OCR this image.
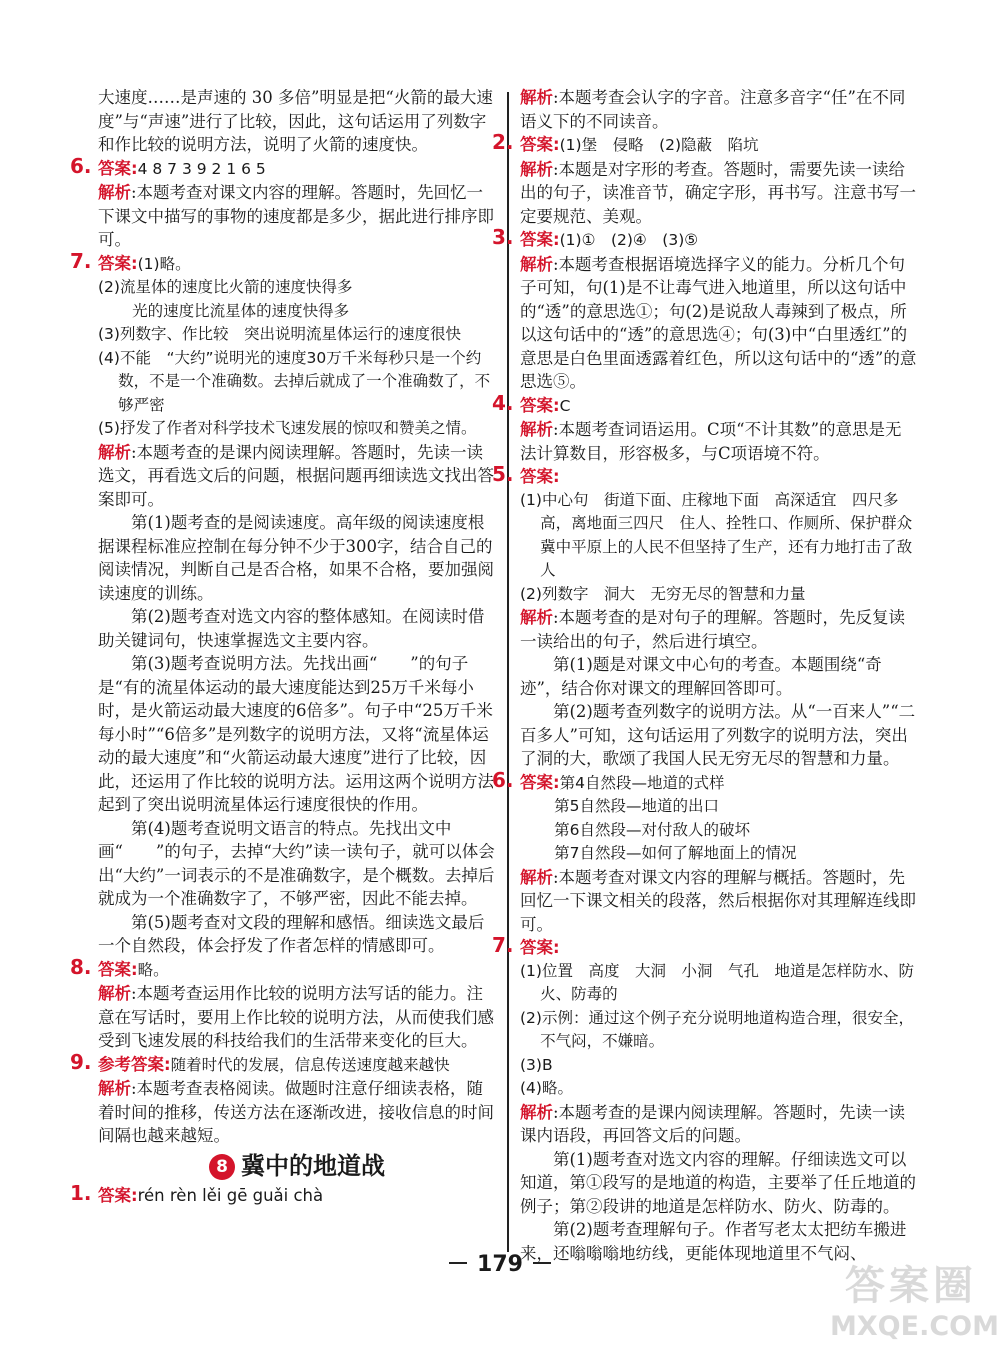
大速度……是声速的 30 多倍”明显是把“火箭的最大速度”与“声速”进行了比较，因此，这句话运用了列数字和作比较的说明方法，说明了火箭的速度快。

6. 答案:4 8 7 3 9 2 1 6 5

解析:本题考查对课文内容的理解。答题时，先回忆一下课文中描写的事物的速度都是多少，据此进行排序即可。

7. 答案:(1)略。

(2)流星体的速度比火箭的速度快得多

光的速度比流星体的速度快得多

(3)列数字、作比较　突出说明流星体运行的速度很快

(4)不能　“大约”说明光的速度30万千米每秒只是一个约数，不是一个准确数。去掉后就成了一个准确数了，不够严密

(5)抒发了作者对科学技术飞速发展的惊叹和赞美之情。

解析:本题考查的是课内阅读理解。答题时，先读一读选文，再看选文后的问题，根据问题再细读选文找出答案即可。

第(1)题考查的是阅读速度。高年级的阅读速度根据课程标准应控制在每分钟不少于300字，结合自己的阅读情况，判断自己是否合格，如果不合格，要加强阅读速度的训练。

第(2)题考查对选文内容的整体感知。在阅读时借助关键词句，快速掌握选文主要内容。

第(3)题考查说明方法。先找出画“　　”的句子是“有的流星体运动的最大速度能达到25万千米每小时，是火箭运动最大速度的6倍多”。句子中“25万千米每小时”“6倍多”是列数字的说明方法，又将“流星体运动的最大速度”和“火箭运动最大速度”进行了比较，因此，还运用了作比较的说明方法。运用这两个说明方法起到了突出说明流星体运行速度很快的作用。

第(4)题考查说明文语言的特点。先找出文中画“　　”的句子，去掉“大约”读一读句子，就可以体会出“大约”一词表示的不是准确数字，是个概数。去掉后就成为一个准确数字了，不够严密，因此不能去掉。

第(5)题考查对文段的理解和感悟。细读选文最后一个自然段，体会抒发了作者怎样的情感即可。

8. 答案:略。

解析:本题考查运用作比较的说明方法写话的能力。注意在写话时，要用上作比较的说明方法，从而使我们感受到飞速发展的科技给我们的生活带来变化的巨大。

9. 参考答案:随着时代的发展，信息传送速度越来越快

解析:本题考查表格阅读。做题时注意仔细读表格，随着时间的推移，传送方法在逐渐改进，接收信息的时间间隔也越来越短。

8 冀中的地道战
1. 答案:rén rèn lěi gē guǎi chà

解析:本题考查会认字的字音。注意多音字“任”在不同语义下的不同读音。

2. 答案:(1)堡　侵略　(2)隐蔽　陷坑

解析:本题是对字形的考查。答题时，需要先读一读给出的句子，读准音节，确定字形，再书写。注意书写一定要规范、美观。

3. 答案:(1)①　(2)④　(3)⑤

解析:本题考查根据语境选择字义的能力。分析几个句子可知，句(1)是不让毒气进入地道里，所以这句话中的“透”的意思选①；句(2)是说敌人毒辣到了极点，所以这句话中的“透”的意思选④；句(3)中“白里透红”的意思是白色里面透露着红色，所以这句话中的“透”的意思选⑤。

4. 答案:C

解析:本题考查词语运用。C项“不计其数”的意思是无法计算数目，形容极多，与C项语境不符。

5. 答案:

(1)中心句　街道下面、庄稼地下面　高深适宜　四尺多高，离地面三四尺　住人、拴牲口、作厕所、保护群众　冀中平原上的人民不但坚持了生产，还有力地打击了敌人

(2)列数字　洞大　无穷无尽的智慧和力量

解析:本题考查的是对句子的理解。答题时，先反复读一读给出的句子，然后进行填空。

第(1)题是对课文中心句的考查。本题围绕“奇迹”，结合你对课文的理解回答即可。

第(2)题考查列数字的说明方法。从“一百来人”“二百多人”可知，这句话运用了列数字的说明方法，突出了洞的大，歌颂了我国人民无穷无尽的智慧和力量。

6. 答案:第4自然段—地道的式样

第5自然段—地道的出口

第6自然段—对付敌人的破坏

第7自然段—如何了解地面上的情况

解析:本题考查对课文内容的理解与概括。答题时，先回忆一下课文相关的段落，然后根据你对其理解连线即可。

7. 答案:

(1)位置　高度　大洞　小洞　气孔　地道是怎样防水、防火、防毒的

(2)示例：通过这个例子充分说明地道构造合理，很安全，不气闷，不嫌暗。

(3)B

(4)略。

解析:本题考查的是课内阅读理解。答题时，先读一读课内语段，再回答文后的问题。

第(1)题考查对选文内容的理解。仔细读选文可以知道，第①段写的是地道的构造，主要举了任丘地道的例子；第②段讲的地道是怎样防水、防火、防毒的。

第(2)题考查理解句子。作者写老太太把纺车搬进来，还嗡嗡嗡地纺线，更能体现地道里不气闷、

179	答案圈
MXQE.COM
